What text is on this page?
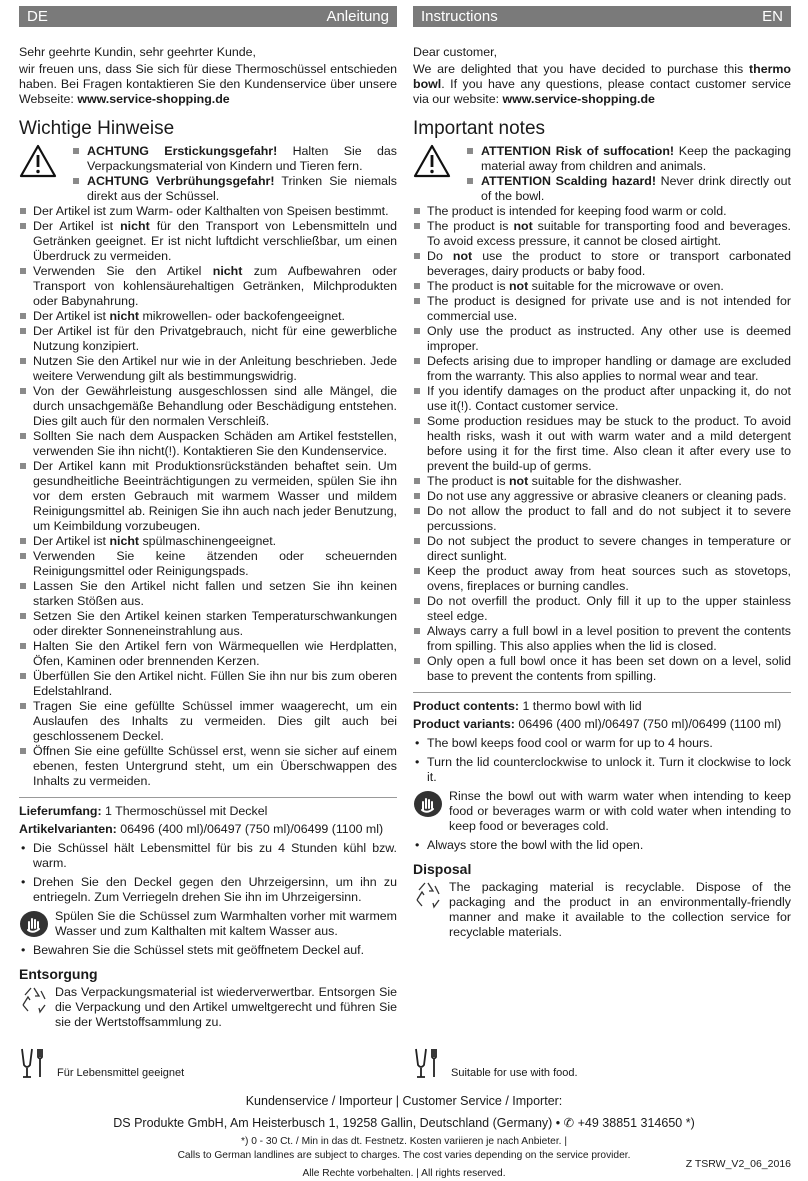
DE	Anleitung

Sehr geehrte Kundin, sehr geehrter Kunde,

wir freuen uns, dass Sie sich für diese Thermoschüssel entschieden haben. Bei Fragen kontaktieren Sie den Kundenservice über unsere Webseite: www.service-shopping.de

Wichtige Hinweise
ACHTUNG Erstickungsgefahr! Halten Sie das Verpackungsmaterial von Kindern und Tieren fern.
ACHTUNG Verbrühungsgefahr! Trinken Sie niemals direkt aus der Schüssel.
Der Artikel ist zum Warm- oder Kalthalten von Speisen bestimmt.
Der Artikel ist nicht für den Transport von Lebensmitteln und Getränken geeignet. Er ist nicht luftdicht verschließbar, um einen Überdruck zu vermeiden.
Verwenden Sie den Artikel nicht zum Aufbewahren oder Transport von kohlensäurehaltigen Getränken, Milchprodukten oder Babynahrung.
Der Artikel ist nicht mikrowellen- oder backofengeeignet.
Der Artikel ist für den Privatgebrauch, nicht für eine gewerbliche Nutzung konzipiert.
Nutzen Sie den Artikel nur wie in der Anleitung beschrieben. Jede weitere Verwendung gilt als bestimmungswidrig.
Von der Gewährleistung ausgeschlossen sind alle Mängel, die durch unsachgemäße Behandlung oder Beschädigung entstehen. Dies gilt auch für den normalen Verschleiß.
Sollten Sie nach dem Auspacken Schäden am Artikel feststellen, verwenden Sie ihn nicht(!). Kontaktieren Sie den Kundenservice.
Der Artikel kann mit Produktionsrückständen behaftet sein. Um gesundheitliche Beeinträchtigungen zu vermeiden, spülen Sie ihn vor dem ersten Gebrauch mit warmem Wasser und mildem Reinigungsmittel ab. Reinigen Sie ihn auch nach jeder Benutzung, um Keimbildung vorzubeugen.
Der Artikel ist nicht spülmaschinengeeignet.
Verwenden Sie keine ätzenden oder scheuernden Reinigungsmittel oder Reinigungspads.
Lassen Sie den Artikel nicht fallen und setzen Sie ihn keinen starken Stößen aus.
Setzen Sie den Artikel keinen starken Temperaturschwankungen oder direkter Sonneneinstrahlung aus.
Halten Sie den Artikel fern von Wärmequellen wie Herdplatten, Öfen, Kaminen oder brennenden Kerzen.
Überfüllen Sie den Artikel nicht. Füllen Sie ihn nur bis zum oberen Edelstahlrand.
Tragen Sie eine gefüllte Schüssel immer waagerecht, um ein Auslaufen des Inhalts zu vermeiden. Dies gilt auch bei geschlossenem Deckel.
Öffnen Sie eine gefüllte Schüssel erst, wenn sie sicher auf einem ebenen, festen Untergrund steht, um ein Überschwappen des Inhalts zu vermeiden.

Lieferumfang: 1 Thermoschüssel mit Deckel

Artikelvarianten: 06496 (400 ml)/06497 (750 ml)/06499 (1100 ml)

• Die Schüssel hält Lebensmittel für bis zu 4 Stunden kühl bzw. warm.
• Drehen Sie den Deckel gegen den Uhrzeigersinn, um ihn zu entriegeln. Zum Verriegeln drehen Sie ihn im Uhrzeigersinn.
Spülen Sie die Schüssel zum Warmhalten vorher mit warmem Wasser und zum Kalthalten mit kaltem Wasser aus.
• Bewahren Sie die Schüssel stets mit geöffnetem Deckel auf.
Entsorgung
Das Verpackungsmaterial ist wiederverwertbar. Entsorgen Sie die Verpackung und den Artikel umweltgerecht und führen Sie sie der Wertstoffsammlung zu.
Instructions	EN

Dear customer,

We are delighted that you have decided to purchase this thermo bowl. If you have any questions, please contact customer service via our website: www.service-shopping.de

Important notes
ATTENTION Risk of suffocation! Keep the packaging material away from children and animals.
ATTENTION Scalding hazard! Never drink directly out of the bowl.
The product is intended for keeping food warm or cold.
The product is not suitable for transporting food and beverages. To avoid excess pressure, it cannot be closed airtight.
Do not use the product to store or transport carbonated beverages, dairy products or baby food.
The product is not suitable for the microwave or oven.
The product is designed for private use and is not intended for commercial use.
Only use the product as instructed. Any other use is deemed improper.
Defects arising due to improper handling or damage are excluded from the warranty. This also applies to normal wear and tear.
If you identify damages on the product after unpacking it, do not use it(!). Contact customer service.
Some production residues may be stuck to the product. To avoid health risks, wash it out with warm water and a mild detergent before using it for the first time. Also clean it after every use to prevent the build-up of germs.
The product is not suitable for the dishwasher.
Do not use any aggressive or abrasive cleaners or cleaning pads.
Do not allow the product to fall and do not subject it to severe percussions.
Do not subject the product to severe changes in temperature or direct sunlight.
Keep the product away from heat sources such as stovetops, ovens, fireplaces or burning candles.
Do not overfill the product. Only fill it up to the upper stainless steel edge.
Always carry a full bowl in a level position to prevent the contents from spilling. This also applies when the lid is closed.
Only open a full bowl once it has been set down on a level, solid base to prevent the contents from spilling.

Product contents: 1 thermo bowl with lid

Product variants: 06496 (400 ml)/06497 (750 ml)/06499 (1100 ml)

• The bowl keeps food cool or warm for up to 4 hours.
• Turn the lid counterclockwise to unlock it. Turn it clockwise to lock it.
Rinse the bowl out with warm water when intending to keep food or beverages warm or with cold water when intending to keep food or beverages cold.
• Always store the bowl with the lid open.
Disposal
The packaging material is recyclable. Dispose of the packaging and the product in an environmentally-friendly manner and make it available to the collection service for recyclable materials.
Für Lebensmittel geeignet	Suitable for use with food.
Kundenservice / Importeur | Customer Service / Importer:
DS Produkte GmbH, Am Heisterbusch 1, 19258 Gallin, Deutschland (Germany) • ✆ +49 38851 314650 *)
*) 0 - 30 Ct. / Min in das dt. Festnetz. Kosten variieren je nach Anbieter. |
Calls to German landlines are subject to charges. The cost varies depending on the service provider.
Alle Rechte vorbehalten. | All rights reserved.
Z TSRW_V2_06_2016
